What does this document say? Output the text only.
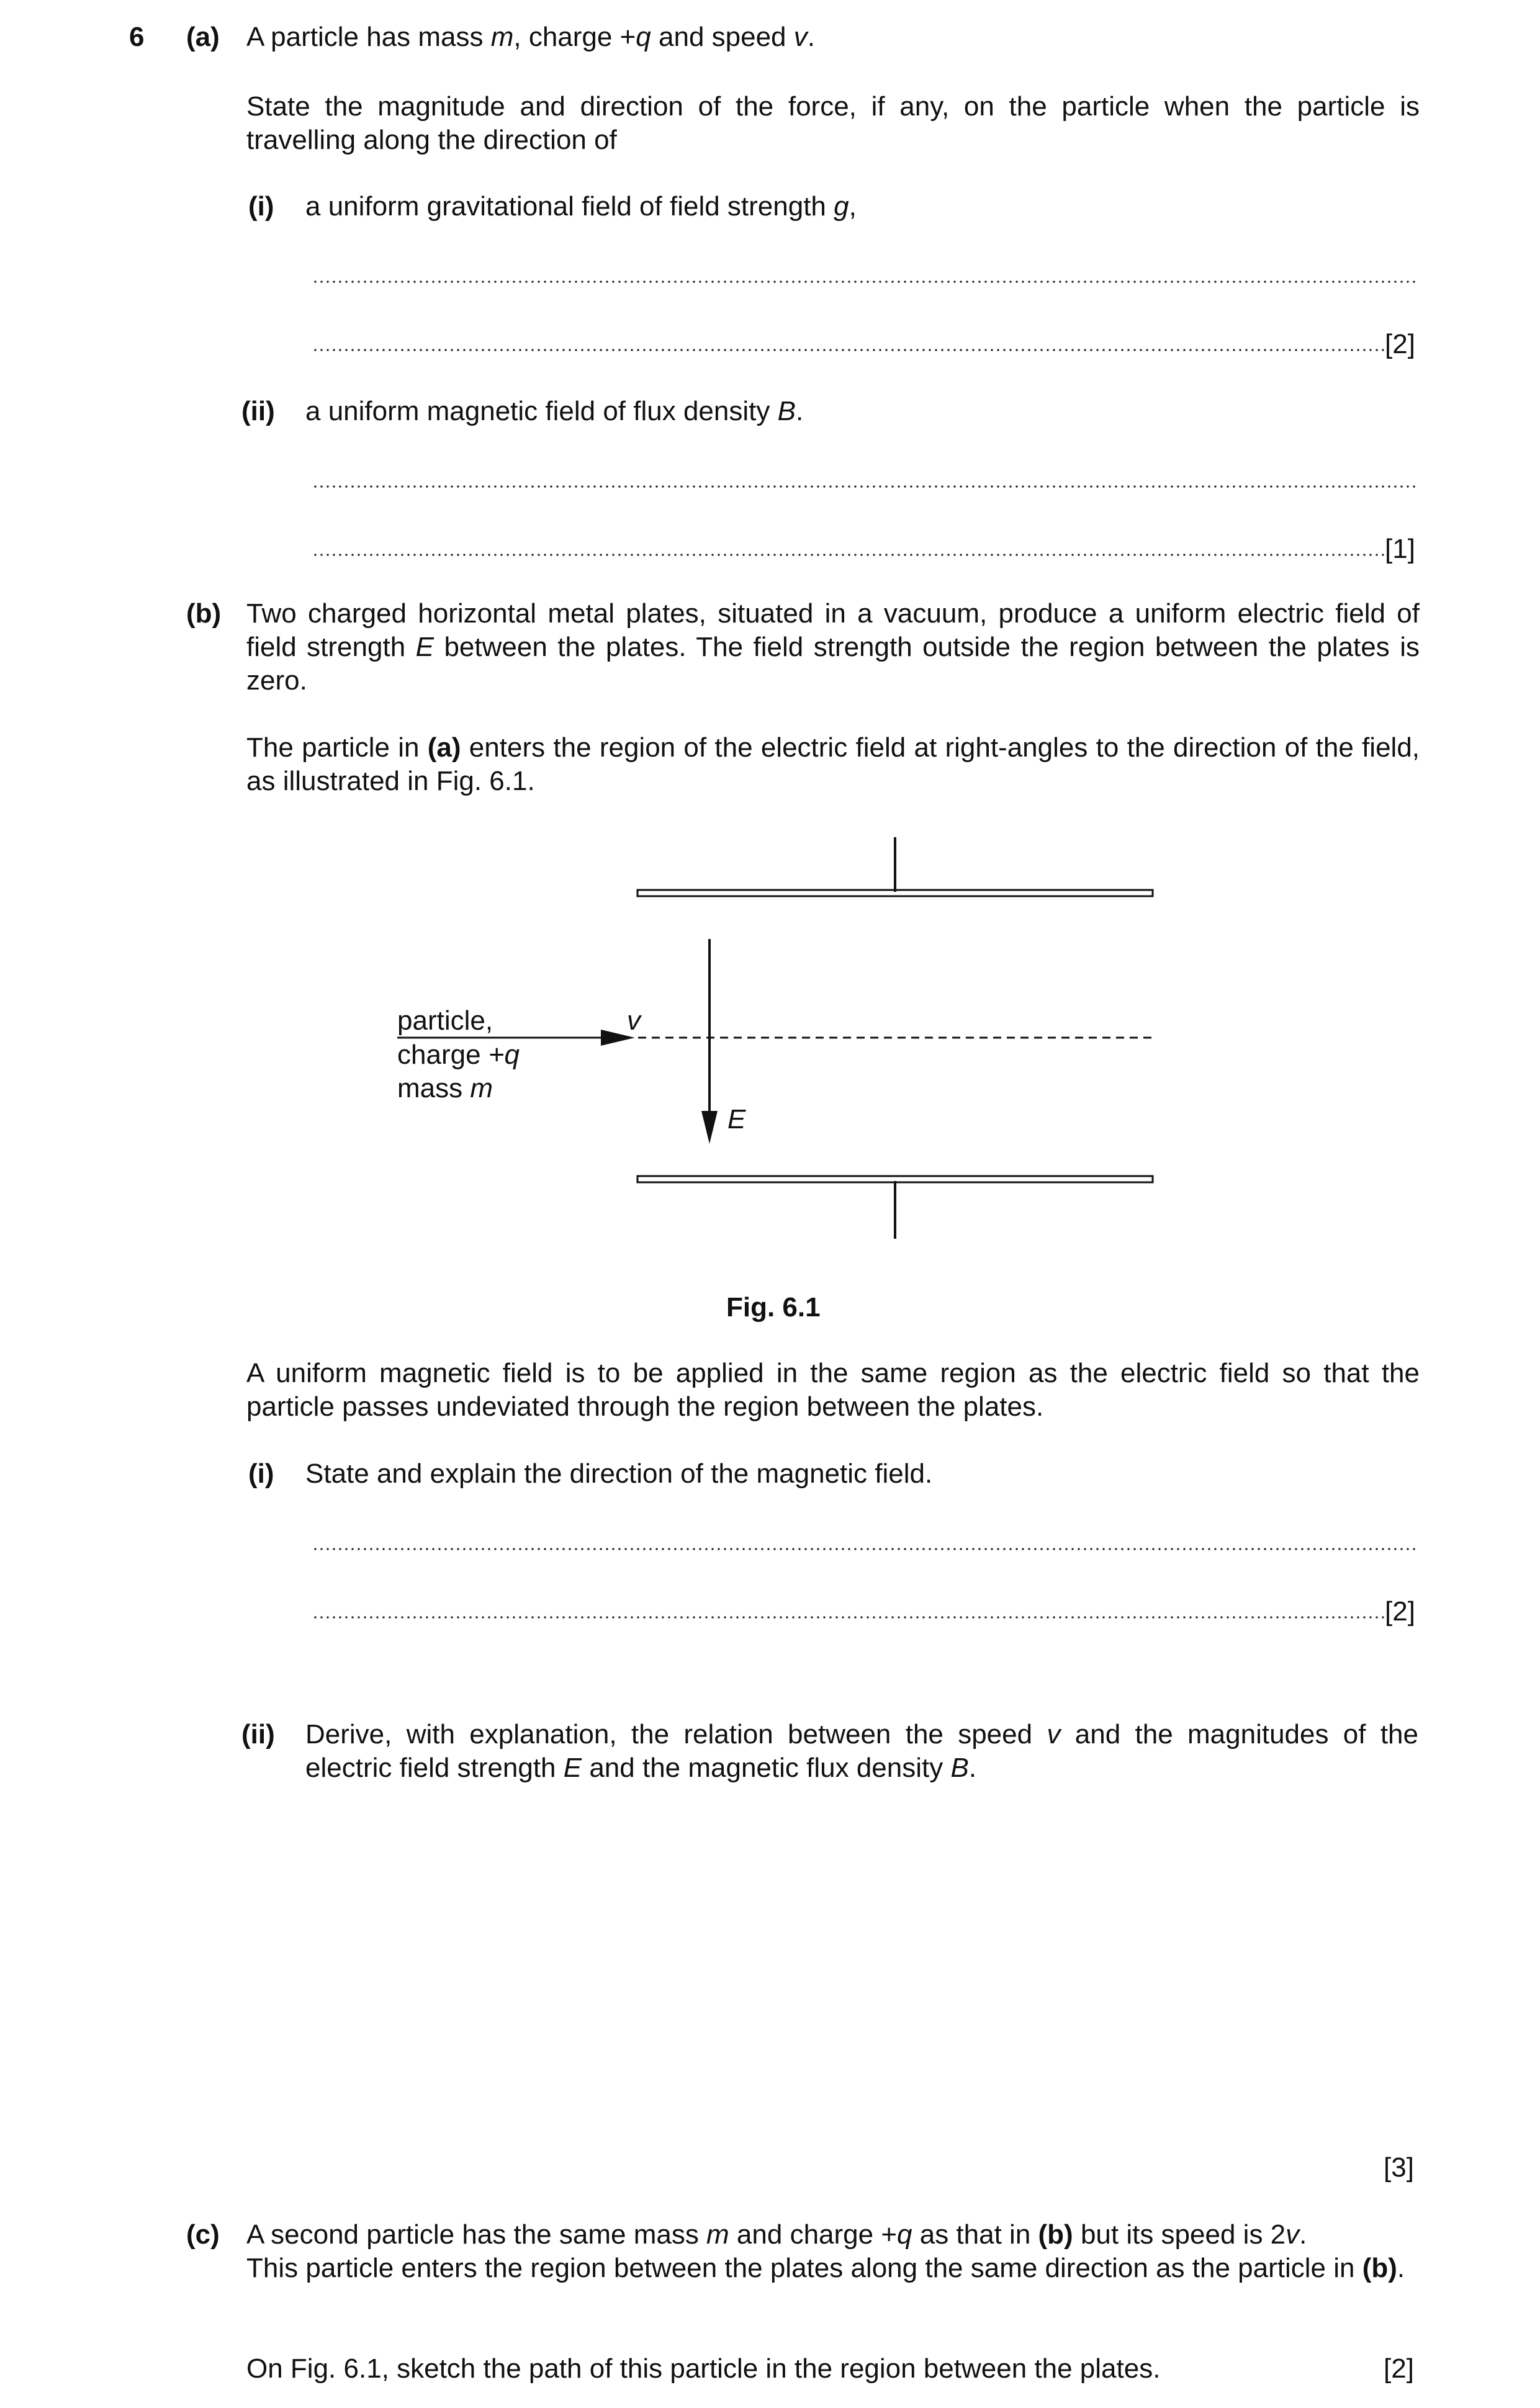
6 (a) A particle has mass m, charge +q and speed v.
State the magnitude and direction of the force, if any, on the particle when the particle is travelling along the direction of
(i) a uniform gravitational field of field strength g,
[2]
(ii) a uniform magnetic field of flux density B.
[1]
(b) Two charged horizontal metal plates, situated in a vacuum, produce a uniform electric field of field strength E between the plates. The field strength outside the region between the plates is zero.
The particle in (a) enters the region of the electric field at right-angles to the direction of the field, as illustrated in Fig. 6.1.
particle,
charge +q
mass m
v
E
Fig. 6.1
A uniform magnetic field is to be applied in the same region as the electric field so that the particle passes undeviated through the region between the plates.
(i) State and explain the direction of the magnetic field.
[2]
(ii) Derive, with explanation, the relation between the speed v and the magnitudes of the electric field strength E and the magnetic flux density B.
[3]
(c) A second particle has the same mass m and charge +q as that in (b) but its speed is 2v.
This particle enters the region between the plates along the same direction as the particle in (b).
On Fig. 6.1, sketch the path of this particle in the region between the plates.	[2]
